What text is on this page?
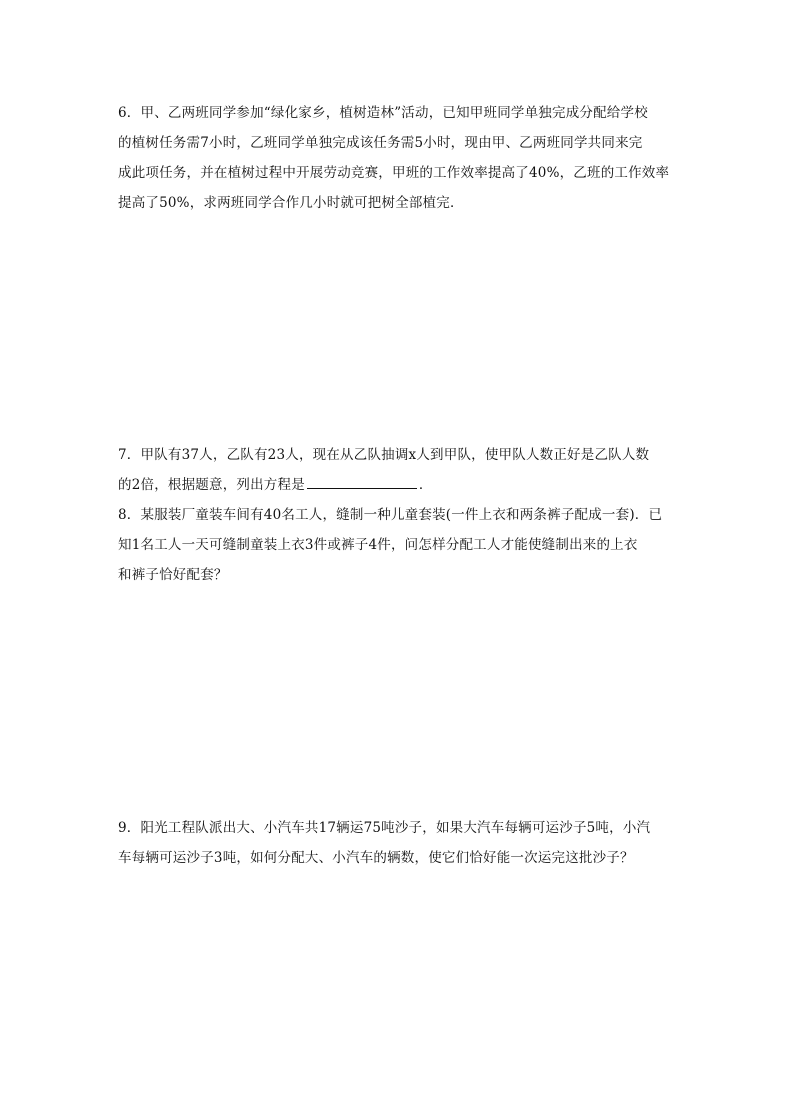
6．甲、乙两班同学参加“绿化家乡，植树造林”活动，已知甲班同学单独完成分配给学校
的植树任务需7小时，乙班同学单独完成该任务需5小时，现由甲、乙两班同学共同来完
成此项任务，并在植树过程中开展劳动竞赛，甲班的工作效率提高了40%，乙班的工作效率
提高了50%，求两班同学合作几小时就可把树全部植完．
7．甲队有37人，乙队有23人，现在从乙队抽调x人到甲队，使甲队人数正好是乙队人数
的2倍，根据题意，列出方程是	．
8．某服装厂童装车间有40名工人，缝制一种儿童套装(一件上衣和两条裤子配成一套)．已
知1名工人一天可缝制童装上衣3件或裤子4件，问怎样分配工人才能使缝制出来的上衣
和裤子恰好配套？
9．阳光工程队派出大、小汽车共17辆运75吨沙子，如果大汽车每辆可运沙子5吨，小汽
车每辆可运沙子3吨，如何分配大、小汽车的辆数，使它们恰好能一次运完这批沙子？
